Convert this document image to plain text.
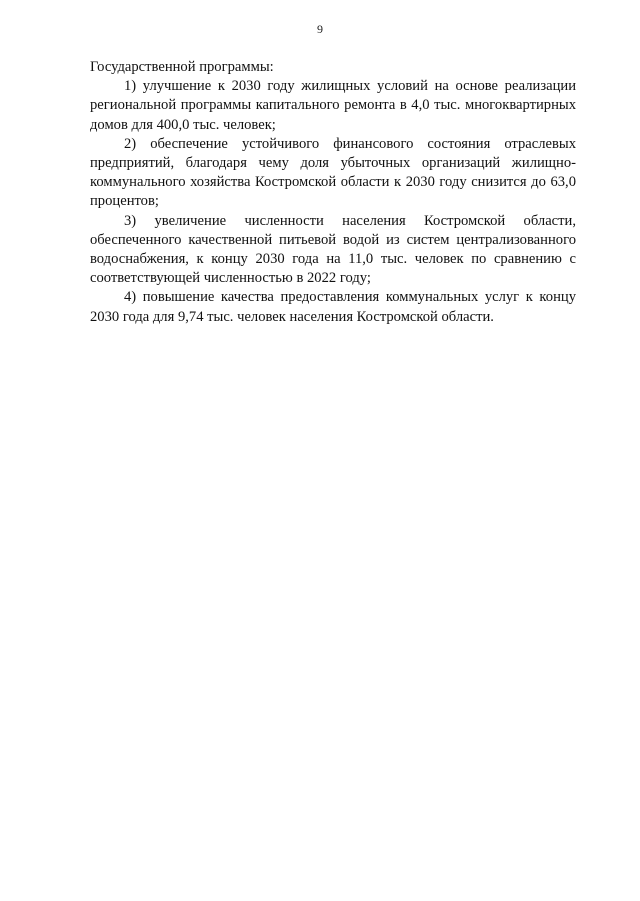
9

Государственной программы:

1) улучшение к 2030 году жилищных условий на основе реализации региональной программы капитального ремонта в 4,0 тыс. многоквартирных домов для 400,0 тыс. человек;

2) обеспечение устойчивого финансового состояния отраслевых предприятий, благодаря чему доля убыточных организаций жилищно-коммунального хозяйства Костромской области к 2030 году снизится до 63,0 процентов;

3) увеличение численности населения Костромской области, обеспеченного качественной питьевой водой из систем централизованного водоснабжения, к концу 2030 года на 11,0 тыс. человек по сравнению с соответствующей численностью в 2022 году;

4) повышение качества предоставления коммунальных услуг к концу 2030 года для 9,74 тыс. человек населения Костромской области.
